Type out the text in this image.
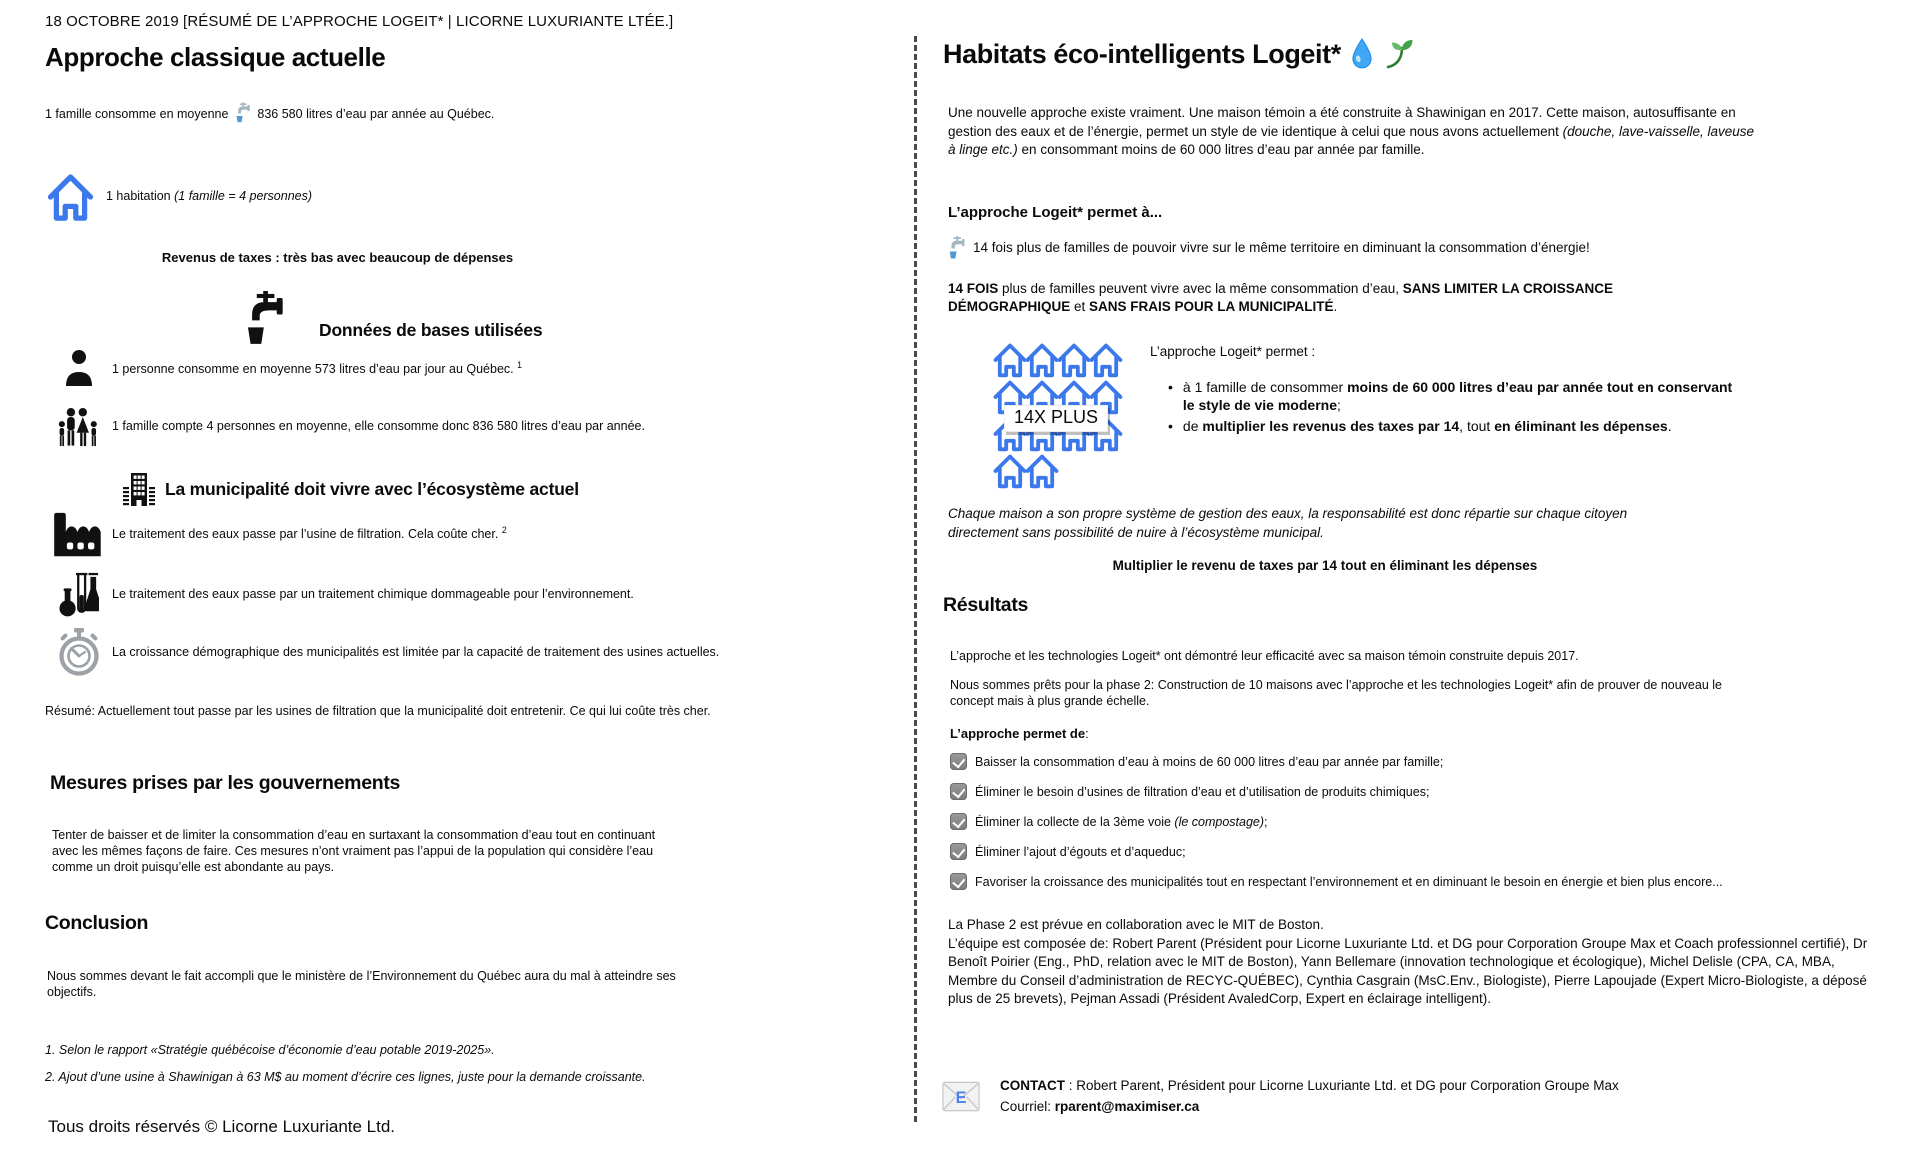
18 OCTOBRE 2019 [RÉSUMÉ DE L’APPROCHE LOGEIT* | LICORNE LUXURIANTE LTÉE.]
Approche classique actuelle
1 famille consomme en moyenne 836 580 litres d’eau par année au Québec.
1 habitation (1 famille = 4 personnes)
Revenus de taxes : très bas avec beaucoup de dépenses
Données de bases utilisées
1 personne consomme en moyenne 573 litres d’eau par jour au Québec. $^1$
1 famille compte 4 personnes en moyenne, elle consomme donc 836 580 litres d’eau par année.
La municipalité doit vivre avec l’écosystème actuel
Le traitement des eaux passe par l’usine de filtration. Cela coûte cher. $^2$
Le traitement des eaux passe par un traitement chimique dommageable pour l’environnement.
La croissance démographique des municipalités est limitée par la capacité de traitement des usines actuelles.
Résumé: Actuellement tout passe par les usines de filtration que la municipalité doit entretenir. Ce qui lui coûte très cher.
Mesures prises par les gouvernements
Tenter de baisser et de limiter la consommation d’eau en surtaxant la consommation d’eau tout en continuant avec les mêmes façons de faire. Ces mesures n’ont vraiment pas l’appui de la population qui considère l’eau comme un droit puisqu’elle est abondante au pays.
Conclusion
Nous sommes devant le fait accompli que le ministère de l’Environnement du Québec aura du mal à atteindre ses objectifs.
1. Selon le rapport «Stratégie québécoise d’économie d’eau potable 2019-2025».
2. Ajout d’une usine à Shawinigan à 63 M$ au moment d’écrire ces lignes, juste pour la demande croissante.
Tous droits réservés © Licorne Luxuriante Ltd.
Habitats éco-intelligents Logeit*
Une nouvelle approche existe vraiment. Une maison témoin a été construite à Shawinigan en 2017. Cette maison, autosuffisante en gestion des eaux et de l’énergie, permet un style de vie identique à celui que nous avons actuellement (douche, lave-vaisselle, laveuse à linge etc.) en consommant moins de 60 000 litres d’eau par année par famille.
L’approche Logeit* permet à...
14 fois plus de familles de pouvoir vivre sur le même territoire en diminuant la consommation d’énergie!
14 FOIS plus de familles peuvent vivre avec la même consommation d’eau, SANS LIMITER LA CROISSANCE DÉMOGRAPHIQUE et SANS FRAIS POUR LA MUNICIPALITÉ.
14X PLUS
L’approche Logeit* permet :
• à 1 famille de consommer moins de 60 000 litres d’eau par année tout en conservant le style de vie moderne;
• de multiplier les revenus des taxes par 14, tout en éliminant les dépenses.
Chaque maison a son propre système de gestion des eaux, la responsabilité est donc répartie sur chaque citoyen directement sans possibilité de nuire à l’écosystème municipal.
Multiplier le revenu de taxes par 14 tout en éliminant les dépenses
Résultats
L’approche et les technologies Logeit* ont démontré leur efficacité avec sa maison témoin construite depuis 2017.
Nous sommes prêts pour la phase 2: Construction de 10 maisons avec l’approche et les technologies Logeit* afin de prouver de nouveau le concept mais à plus grande échelle.
L’approche permet de:
Baisser la consommation d’eau à moins de 60 000 litres d’eau par année par famille;
Éliminer le besoin d’usines de filtration d’eau et d’utilisation de produits chimiques;
Éliminer la collecte de la 3ème voie (le compostage);
Éliminer l’ajout d’égouts et d’aqueduc;
Favoriser la croissance des municipalités tout en respectant l’environnement et en diminuant le besoin en énergie et bien plus encore...
La Phase 2 est prévue en collaboration avec le MIT de Boston.
L’équipe est composée de: Robert Parent (Président pour Licorne Luxuriante Ltd. et DG pour Corporation Groupe Max et Coach professionnel certifié), Dr Benoît Poirier (Eng., PhD, relation avec le MIT de Boston), Yann Bellemare (innovation technologique et écologique), Michel Delisle (CPA, CA, MBA, Membre du Conseil d’administration de RECYC-QUÉBEC), Cynthia Casgrain (MsC.Env., Biologiste), Pierre Lapoujade (Expert Micro-Biologiste, a déposé plus de 25 brevets), Pejman Assadi (Président AvaledCorp, Expert en éclairage intelligent).
E
CONTACT : Robert Parent, Président pour Licorne Luxuriante Ltd. et DG pour Corporation Groupe Max
Courriel: rparent@maximiser.ca
